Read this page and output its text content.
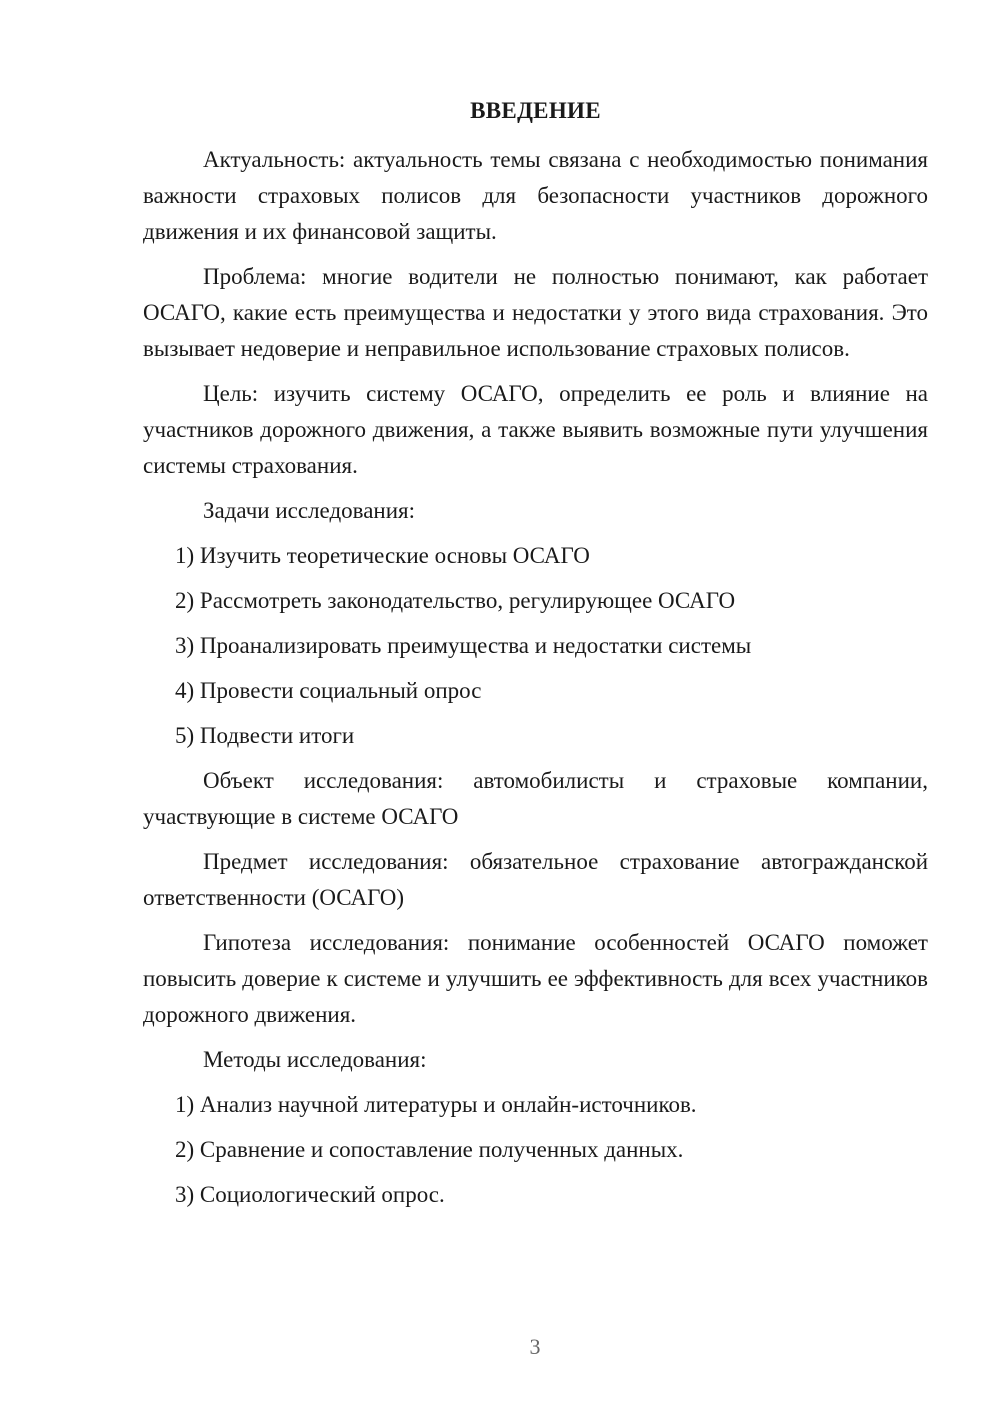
ВВЕДЕНИЕ

Актуальность: актуальность темы связана с необходимостью понимания важности страховых полисов для безопасности участников дорожного движения и их финансовой защиты.

Проблема: многие водители не полностью понимают, как работает ОСАГО, какие есть преимущества и недостатки у этого вида страхования. Это вызывает недоверие и неправильное использование страховых полисов.

Цель: изучить систему ОСАГО, определить ее роль и влияние на участников дорожного движения, а также выявить возможные пути улучшения системы страхования.

Задачи исследования:

1) Изучить теоретические основы ОСАГО

2) Рассмотреть законодательство, регулирующее ОСАГО

3) Проанализировать преимущества и недостатки системы

4) Провести социальный опрос

5) Подвести итоги

Объект исследования: автомобилисты и страховые компании, участвующие в системе ОСАГО

Предмет исследования: обязательное страхование автогражданской ответственности (ОСАГО)

Гипотеза исследования: понимание особенностей ОСАГО поможет повысить доверие к системе и улучшить ее эффективность для всех участников дорожного движения.

Методы исследования:

1) Анализ научной литературы и онлайн-источников.

2) Сравнение и сопоставление полученных данных.

3) Социологический опрос.

3
